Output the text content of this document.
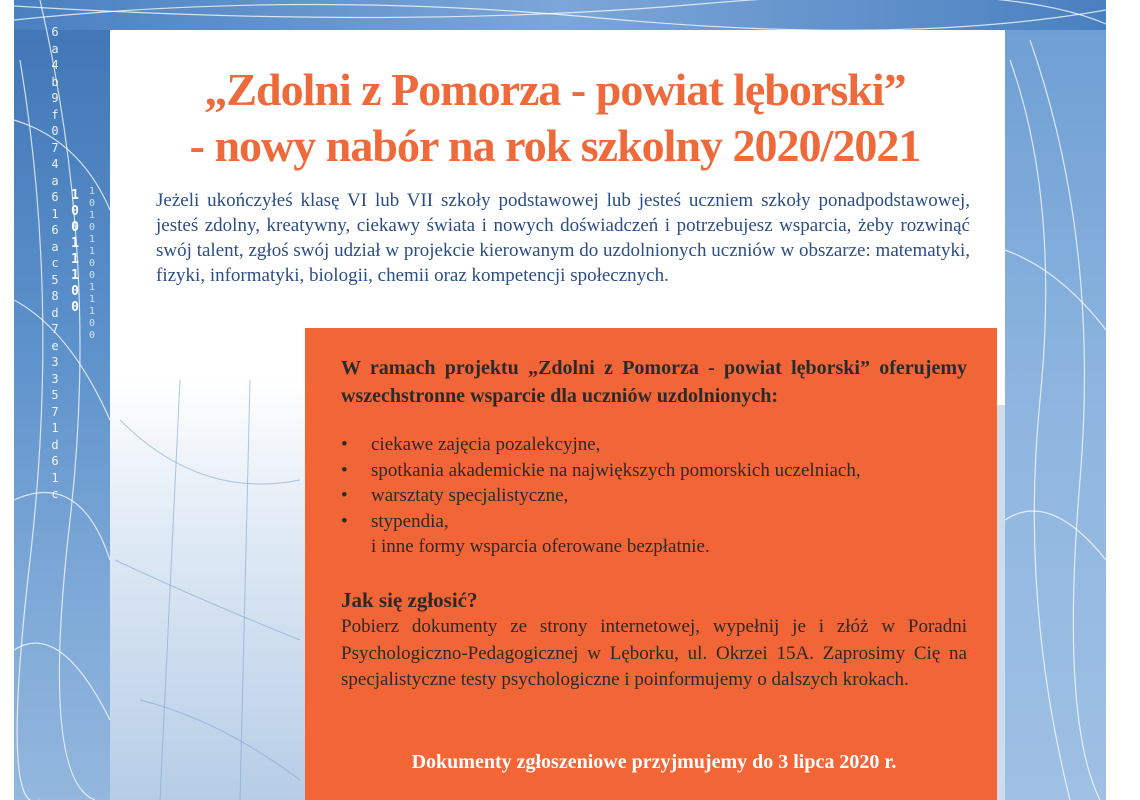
6a4b9f074a616ac58d7e33571d61c
10011100
1010110011100
„Zdolni z Pomorza - powiat lęborski”
- nowy nabór na rok szkolny 2020/2021
Jeżeli ukończyłeś klasę VI lub VII szkoły podstawowej lub jesteś uczniem szkoły ponadpodstawowej, jesteś zdolny, kreatywny, ciekawy świata i nowych doświadczeń i potrzebujesz wsparcia, żeby rozwinąć swój talent, zgłoś swój udział w projekcie kierowanym do uzdolnionych uczniów w obszarze: matematyki, fizyki, informatyki, biologii, chemii oraz kompetencji społecznych.
W ramach projektu „Zdolni z Pomorza - powiat lęborski” oferujemy wszechstronne wsparcie dla uczniów uzdolnionych:
• ciekawe zajęcia pozalekcyjne,
• spotkania akademickie na największych pomorskich uczelniach,
• warsztaty specjalistyczne,
• stypendia,
i inne formy wsparcia oferowane bezpłatnie.
Jak się zgłosić?
Pobierz dokumenty ze strony internetowej, wypełnij je i złóż w Poradni Psychologiczno-Pedagogicznej w Lęborku, ul. Okrzei 15A. Zaprosimy Cię na specjalistyczne testy psychologiczne i poinformujemy o dalszych krokach.
Dokumenty zgłoszeniowe przyjmujemy do 3 lipca 2020 r.
